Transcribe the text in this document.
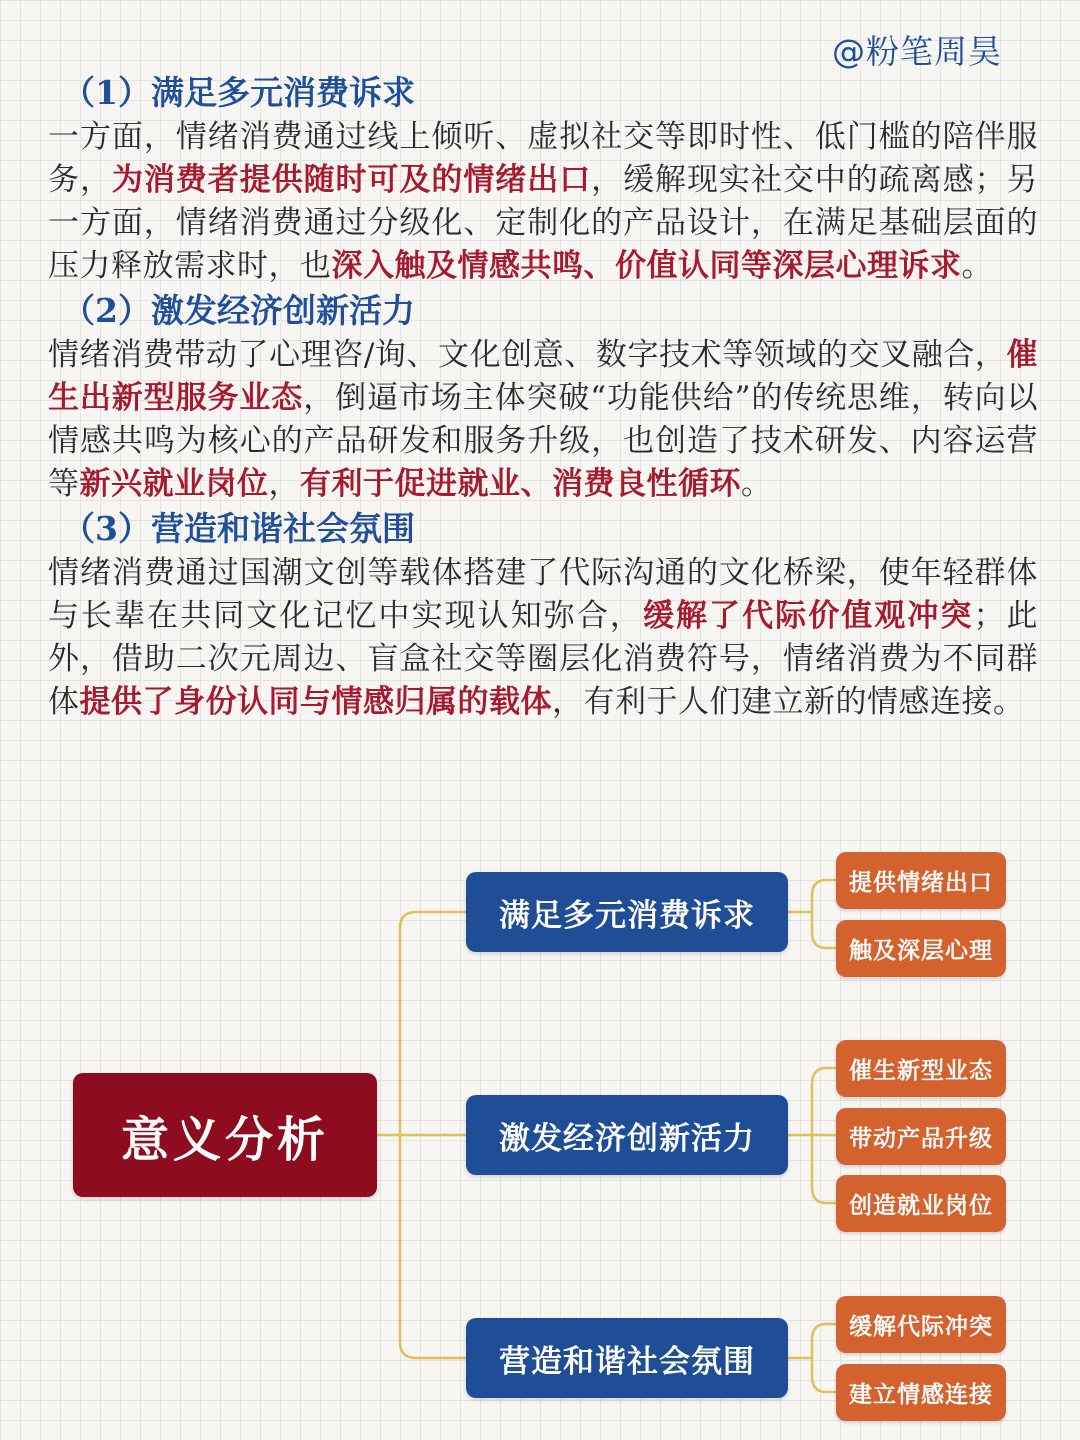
@粉笔周昊
（1）满足多元消费诉求
一方面，情绪消费通过线上倾听、虚拟社交等即时性、低门槛的陪伴服务，为消费者提供随时可及的情绪出口，缓解现实社交中的疏离感；另一方面，情绪消费通过分级化、定制化的产品设计，在满足基础层面的压力释放需求时，也深入触及情感共鸣、价值认同等深层心理诉求。
（2）激发经济创新活力
情绪消费带动了心理咨/询、文化创意、数字技术等领域的交叉融合，催生出新型服务业态，倒逼市场主体突破“功能供给”的传统思维，转向以情感共鸣为核心的产品研发和服务升级，也创造了技术研发、内容运营等新兴就业岗位，有利于促进就业、消费良性循环。
（3）营造和谐社会氛围
情绪消费通过国潮文创等载体搭建了代际沟通的文化桥梁，使年轻群体与长辈在共同文化记忆中实现认知弥合，缓解了代际价值观冲突；此外，借助二次元周边、盲盒社交等圈层化消费符号，情绪消费为不同群体提供了身份认同与情感归属的载体，有利于人们建立新的情感连接。
意义分析
满足多元消费诉求
激发经济创新活力
营造和谐社会氛围
提供情绪出口
触及深层心理
催生新型业态
带动产品升级
创造就业岗位
缓解代际冲突
建立情感连接
